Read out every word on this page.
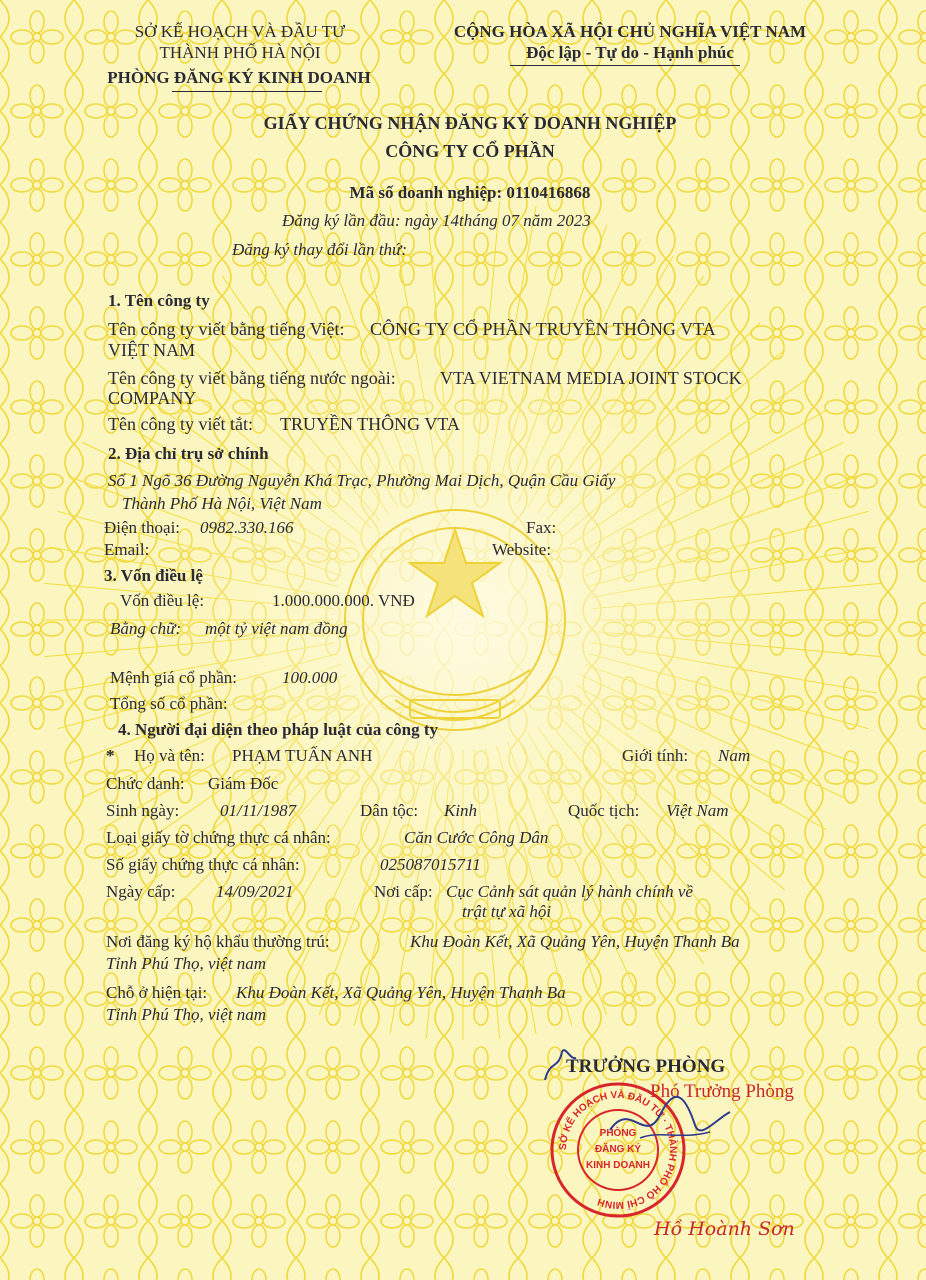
SỞ KẾ HOẠCH VÀ ĐẦU TƯ
THÀNH PHỐ HÀ NỘI
PHÒNG ĐĂNG KÝ KINH DOANH
CỘNG HÒA XÃ HỘI CHỦ NGHĨA VIỆT NAM
Độc lập - Tự do - Hạnh phúc
GIẤY CHỨNG NHẬN ĐĂNG KÝ DOANH NGHIỆP
CÔNG TY CỔ PHẦN
Mã số doanh nghiệp: 0110416868
Đăng ký lần đầu: ngày 14tháng 07 năm 2023
Đăng ký thay đổi lần thứ:
1. Tên công ty
Tên công ty viết bằng tiếng Việt: CÔNG TY CỔ PHẦN TRUYỀN THÔNG VTA
VIỆT NAM
Tên công ty viết bằng tiếng nước ngoài: VTA VIETNAM MEDIA JOINT STOCK
COMPANY
Tên công ty viết tắt: TRUYỀN THÔNG VTA
2. Địa chỉ trụ sở chính
Số 1 Ngõ 36 Đường Nguyễn Khá Trạc, Phường Mai Dịch, Quận Cầu Giấy
Thành Phố Hà Nội, Việt Nam
Điện thoại: 0982.330.166	Fax:
Email:	Website:
3. Vốn điều lệ
Vốn điều lệ:	1.000.000.000. VNĐ
Bằng chữ: một tỷ việt nam đồng
Mệnh giá cổ phần:	100.000
Tổng số cổ phần:
4. Người đại diện theo pháp luật của công ty
* Họ và tên: PHẠM TUẤN ANH	Giới tính: Nam
Chức danh: Giám Đốc
Sinh ngày: 01/11/1987	Dân tộc: Kinh	Quốc tịch: Việt Nam
Loại giấy tờ chứng thực cá nhân:	Căn Cước Công Dân
Số giấy chứng thực cá nhân:	025087015711
Ngày cấp: 14/09/2021	Nơi cấp: Cục Cảnh sát quản lý hành chính về
trật tự xã hội
Nơi đăng ký hộ khẩu thường trú:	Khu Đoàn Kết, Xã Quảng Yên, Huyện Thanh Ba
Tỉnh Phú Thọ, việt nam
Chỗ ở hiện tại: Khu Đoàn Kết, Xã Quảng Yên, Huyện Thanh Ba
Tỉnh Phú Thọ, việt nam
TRƯỞNG PHÒNG
Phó Trưởng Phòng
SỞ KẾ HOẠCH VÀ ĐẦU TƯ · THÀNH PHỐ HỒ CHÍ MINH
PHÒNG
ĐĂNG KÝ
KINH DOANH
Hồ Hoành Sơn
